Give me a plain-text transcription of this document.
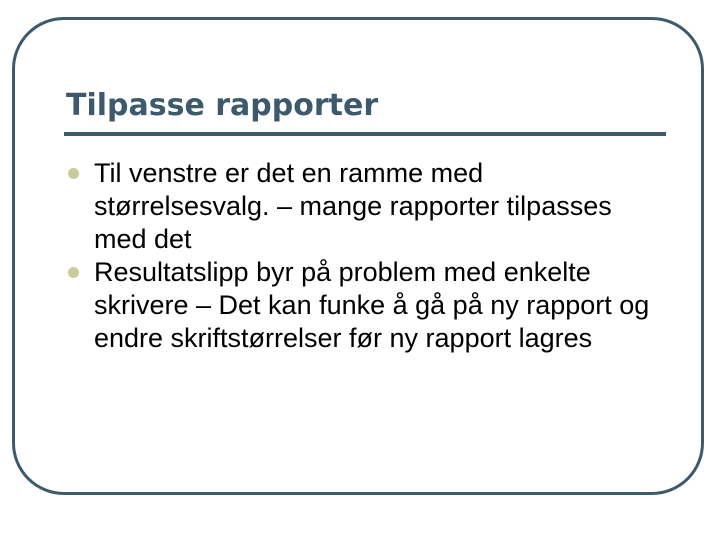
Tilpasse rapporter
Til venstre er det en ramme med størrelsesvalg. – mange rapporter tilpasses med det
Resultatslipp byr på problem med enkelte skrivere – Det kan funke å gå på ny rapport og endre skriftstørrelser før ny rapport lagres
